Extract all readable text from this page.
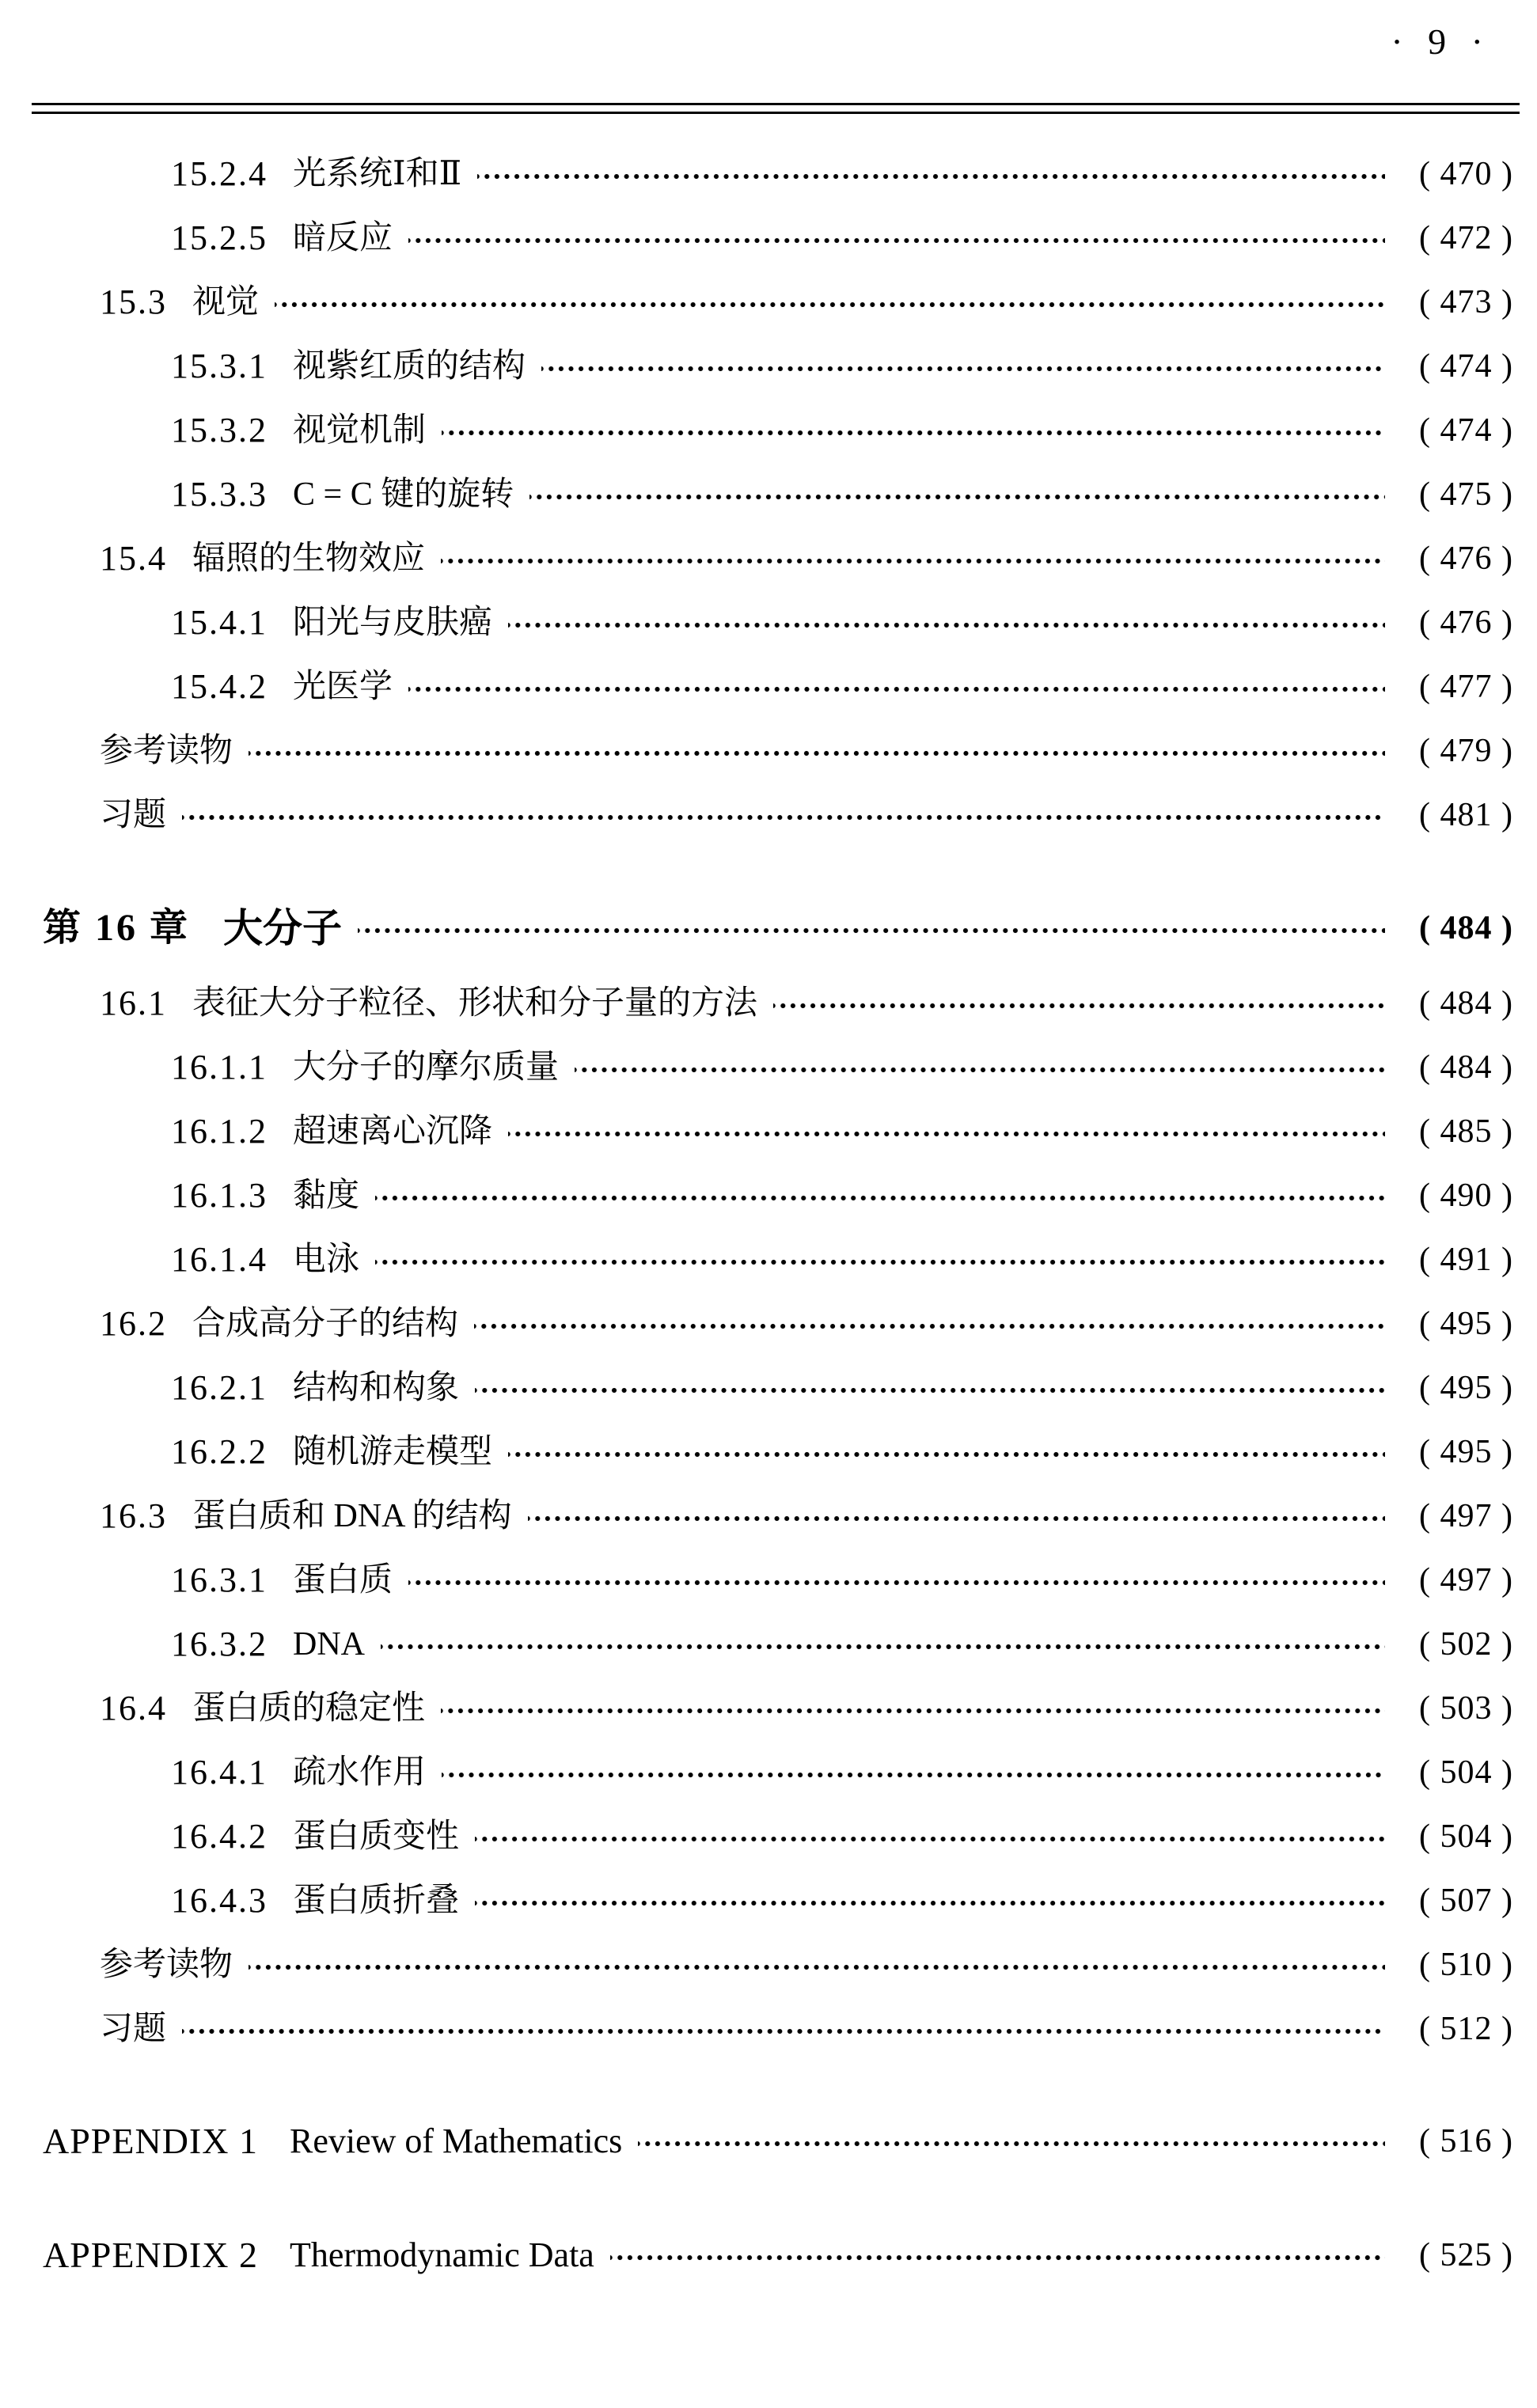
· 9 ·
15.2.4 光系统Ⅰ和Ⅱ	( 470 )
15.2.5 暗反应	( 472 )
15.3 视觉	( 473 )
15.3.1 视紫红质的结构	( 474 )
15.3.2 视觉机制	( 474 )
15.3.3 C = C 键的旋转	( 475 )
15.4 辐照的生物效应	( 476 )
15.4.1 阳光与皮肤癌	( 476 )
15.4.2 光医学	( 477 )
参考读物	( 479 )
习题	( 481 )
第 16 章 大分子	( 484 )
16.1 表征大分子粒径、形状和分子量的方法	( 484 )
16.1.1 大分子的摩尔质量	( 484 )
16.1.2 超速离心沉降	( 485 )
16.1.3 黏度	( 490 )
16.1.4 电泳	( 491 )
16.2 合成高分子的结构	( 495 )
16.2.1 结构和构象	( 495 )
16.2.2 随机游走模型	( 495 )
16.3 蛋白质和 DNA 的结构	( 497 )
16.3.1 蛋白质	( 497 )
16.3.2 DNA	( 502 )
16.4 蛋白质的稳定性	( 503 )
16.4.1 疏水作用	( 504 )
16.4.2 蛋白质变性	( 504 )
16.4.3 蛋白质折叠	( 507 )
参考读物	( 510 )
习题	( 512 )
APPENDIX 1 Review of Mathematics	( 516 )
APPENDIX 2 Thermodynamic Data	( 525 )
